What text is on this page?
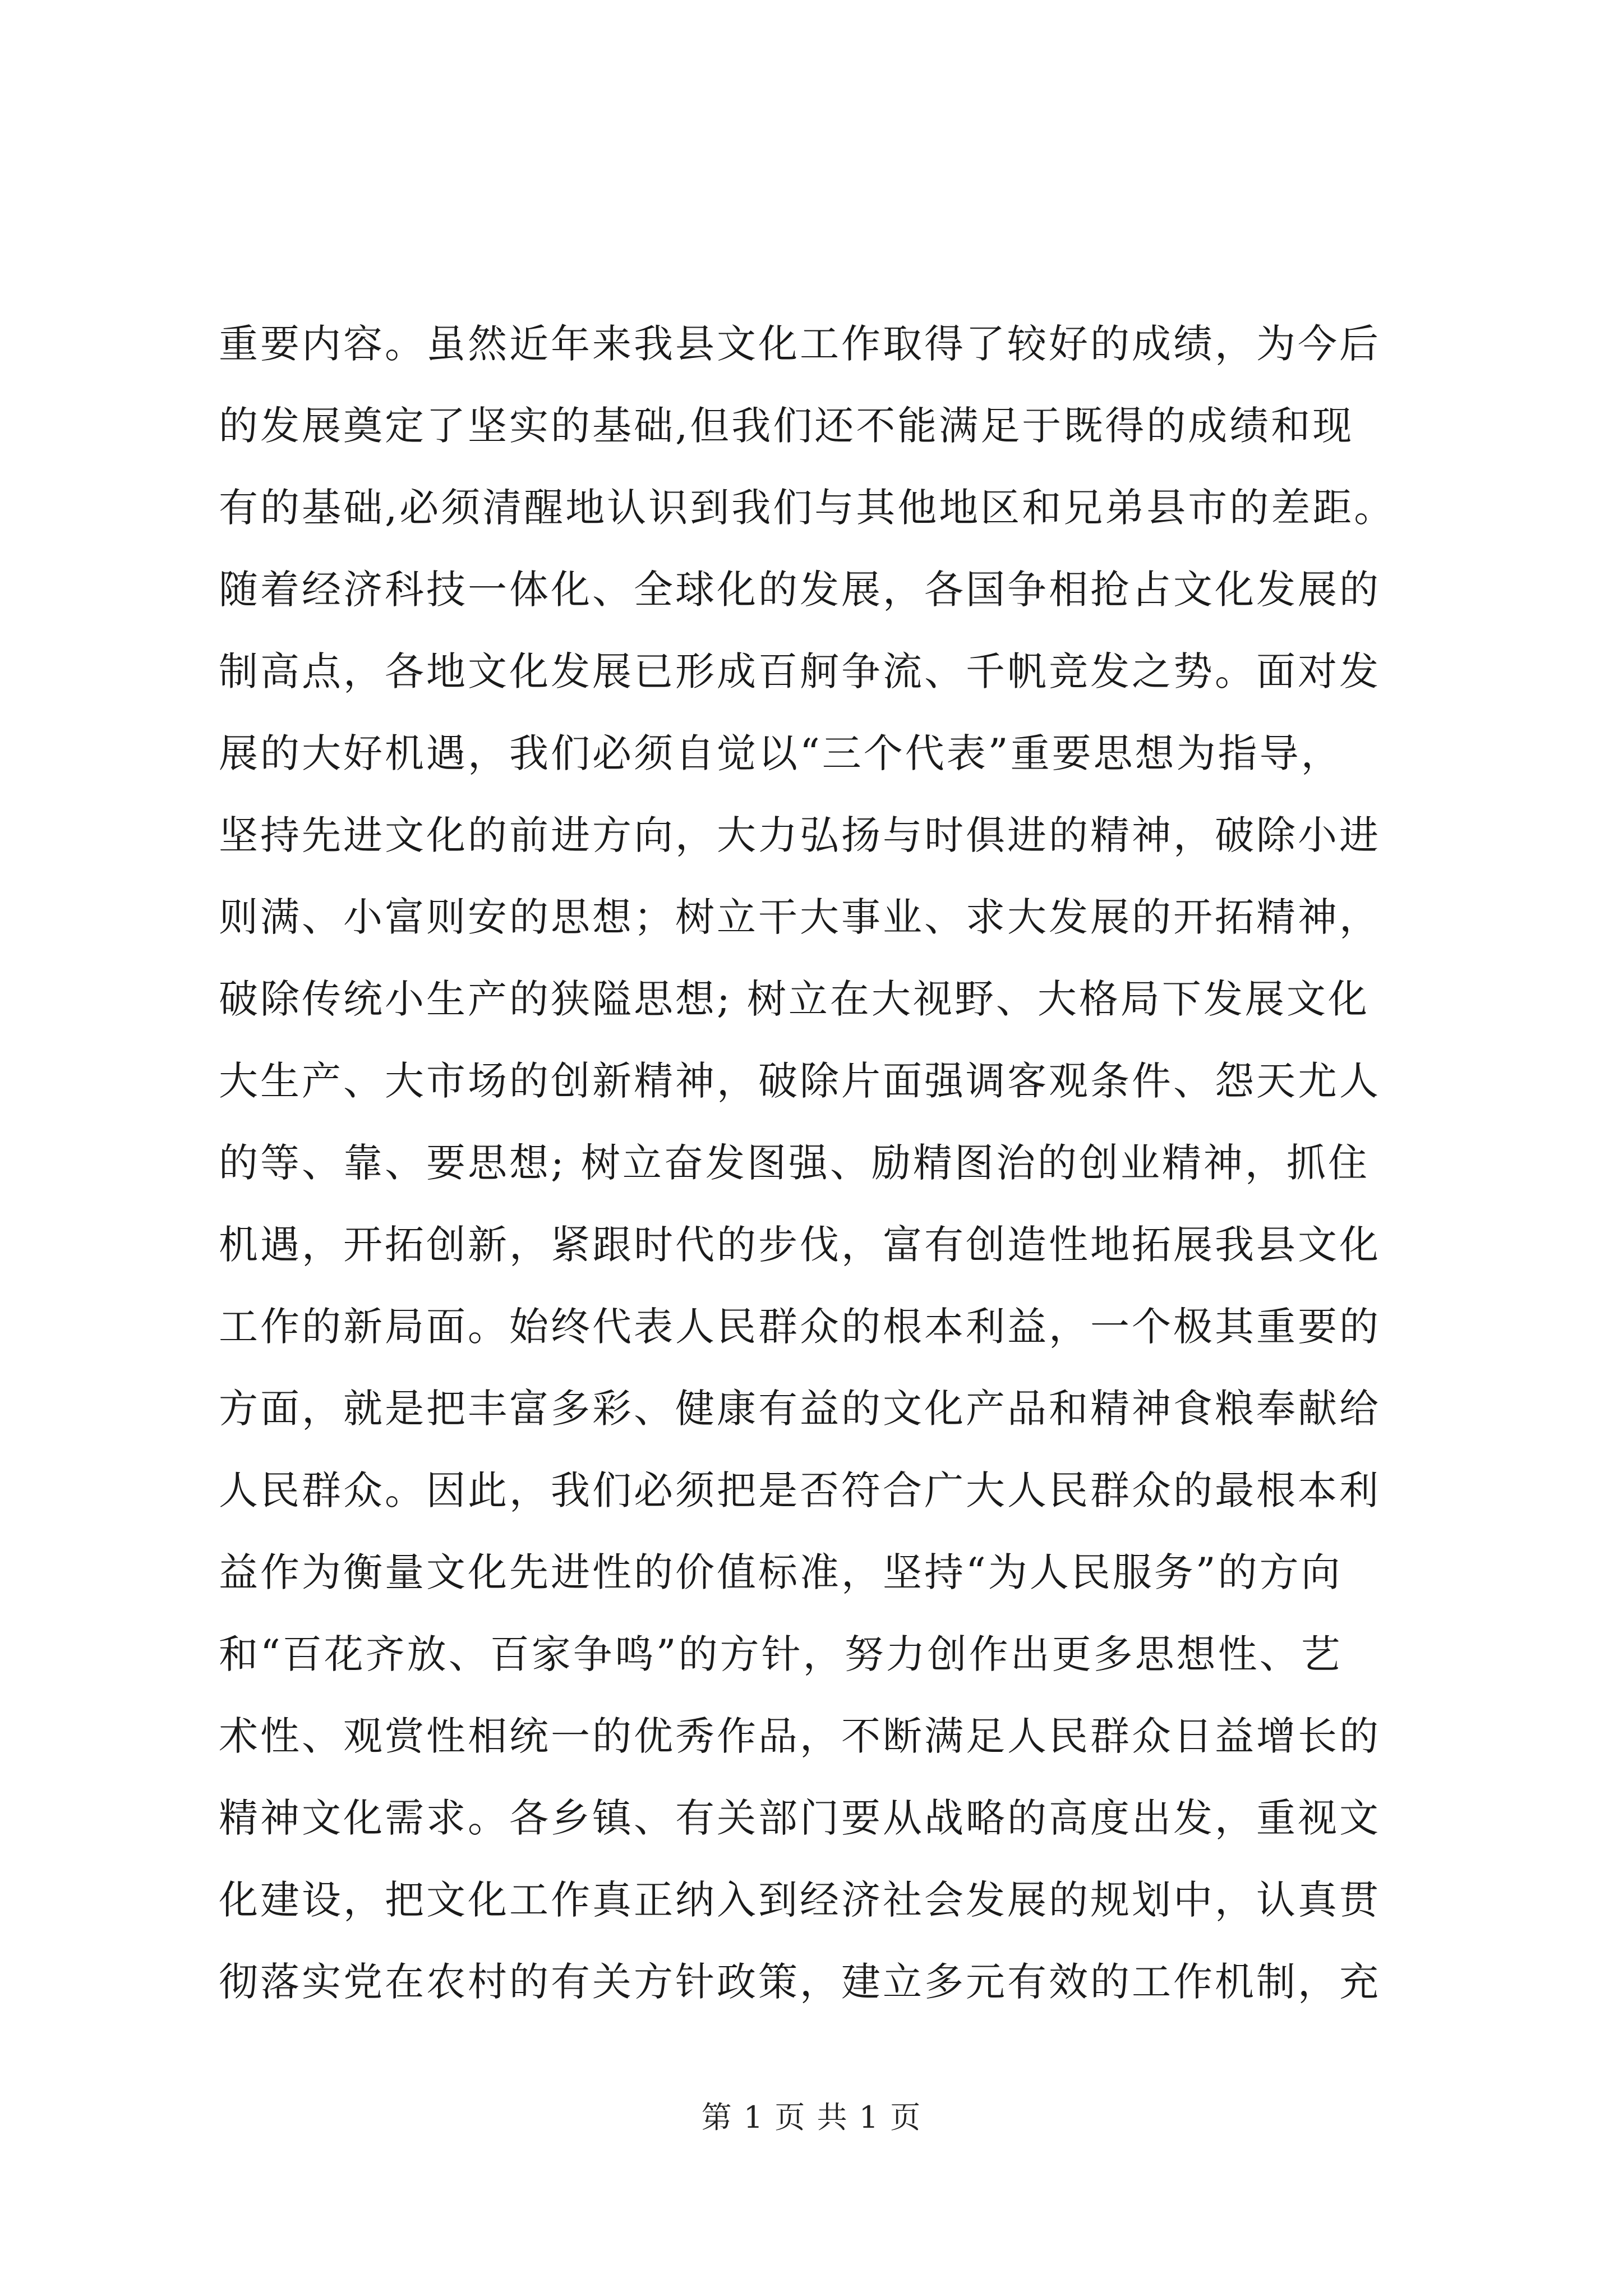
重要内容。虽然近年来我县文化工作取得了较好的成绩，为今后
的发展奠定了坚实的基础,但我们还不能满足于既得的成绩和现
有的基础,必须清醒地认识到我们与其他地区和兄弟县市的差距。
随着经济科技一体化、全球化的发展，各国争相抢占文化发展的
制高点，各地文化发展已形成百舸争流、千帆竞发之势。面对发
展的大好机遇，我们必须自觉以“三个代表”重要思想为指导，
坚持先进文化的前进方向，大力弘扬与时俱进的精神，破除小进
则满、小富则安的思想；树立干大事业、求大发展的开拓精神，
破除传统小生产的狭隘思想; 树立在大视野、大格局下发展文化
大生产、大市场的创新精神，破除片面强调客观条件、怨天尤人
的等、靠、要思想; 树立奋发图强、励精图治的创业精神，抓住
机遇，开拓创新，紧跟时代的步伐，富有创造性地拓展我县文化
工作的新局面。始终代表人民群众的根本利益，一个极其重要的
方面，就是把丰富多彩、健康有益的文化产品和精神食粮奉献给
人民群众。因此，我们必须把是否符合广大人民群众的最根本利
益作为衡量文化先进性的价值标准，坚持“为人民服务”的方向
和“百花齐放、百家争鸣”的方针，努力创作出更多思想性、艺
术性、观赏性相统一的优秀作品，不断满足人民群众日益增长的
精神文化需求。各乡镇、有关部门要从战略的高度出发，重视文
化建设，把文化工作真正纳入到经济社会发展的规划中，认真贯
彻落实党在农村的有关方针政策，建立多元有效的工作机制，充
第 1 页 共 1 页
